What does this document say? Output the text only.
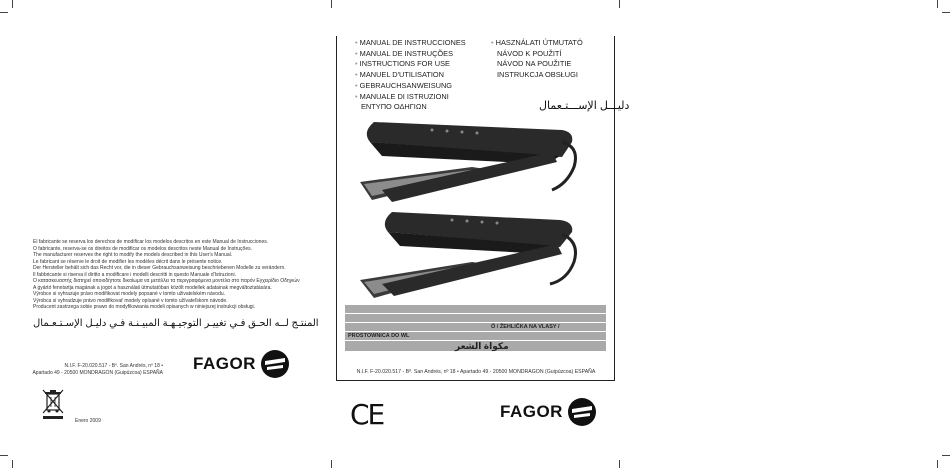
El fabricante se reserva los derechos de modificar los modelos descritos en este Manual de Instrucciones.
O fabricante, reserva-se os direitos de modificar os modelos descritos neste Manual de Instruções.
The manufacturer reserves the right to modify the models described in this User's Manual.
Le fabricant se réserve le droit de modifier les modèles décrit dans le présente notice.
Der Hersteller behält sich das Recht vor, die in dieser Gebrauchsanweisung beschriebenen Modelle zu verändern.
Il fabbricante si riserva il diritto a modificare i modelli descritti in questo Manuale d'Istruzioni.
Ο κατασκευαστής διατηρεί οποιοδήποτε δικαίωμα να μετάλλει τα περιγραφόμενα μοντέλα στο παρόν Εγχειρίδιο Οδηγιών
A gyártó fenntartja magának a jogot a használati útmutatóban közölt modellek adatainak megváltoztatására.
Výrobce si vyhrazuje právo modifikovat modely popsané v tomto uživatelském návodu.
Výrobca si vyhradzuje právo modifikovať modely opísané v tomto užívateľskom návode.
Producent zastrzega sobie prawo do modyfikowania modeli opisanych w niniejszej instrukcji obsługi.
المنتـج لــه الحـق فـي تغييـر التوجيـهـة المبيـنـة فـي دليـل الإسـتـعـمال
N.I.F. F-20.020.517 - Bº. San Andrés, nº 18 •
Apartado 49 - 20500 MONDRAGON (Guipúzcoa) ESPAÑA FAGOR
Enero 2009
• MANUAL DE INSTRUCCIONES
• MANUAL DE INSTRUÇÕES
• INSTRUCTIONS FOR USE
• MANUEL D'UTILISATION
• GEBRAUCHSANWEISUNG
• MANUALE DI ISTRUZIONI
ΕΝΤΥΠΟ ΟΔΗΓΙΩΝ
• HASZNÁLATI ÚTMUTATÓ
NÁVOD K POUŽITÍ
NÁVOD NA POUŽITIE
INSTRUKCJA OBSŁUGI
دليـــل الإســـتـعمال
Ó / ŽEHLIČKA NA VLASY /
PROSTOWNICA DO WL
مكواة الشعر
N.I.F. F-20.020.517 - Bº. San Andrés, nº 18 • Apartado 49 - 20500 MONDRAGON (Guipúzcoa) ESPAÑA
CE	FAGOR
